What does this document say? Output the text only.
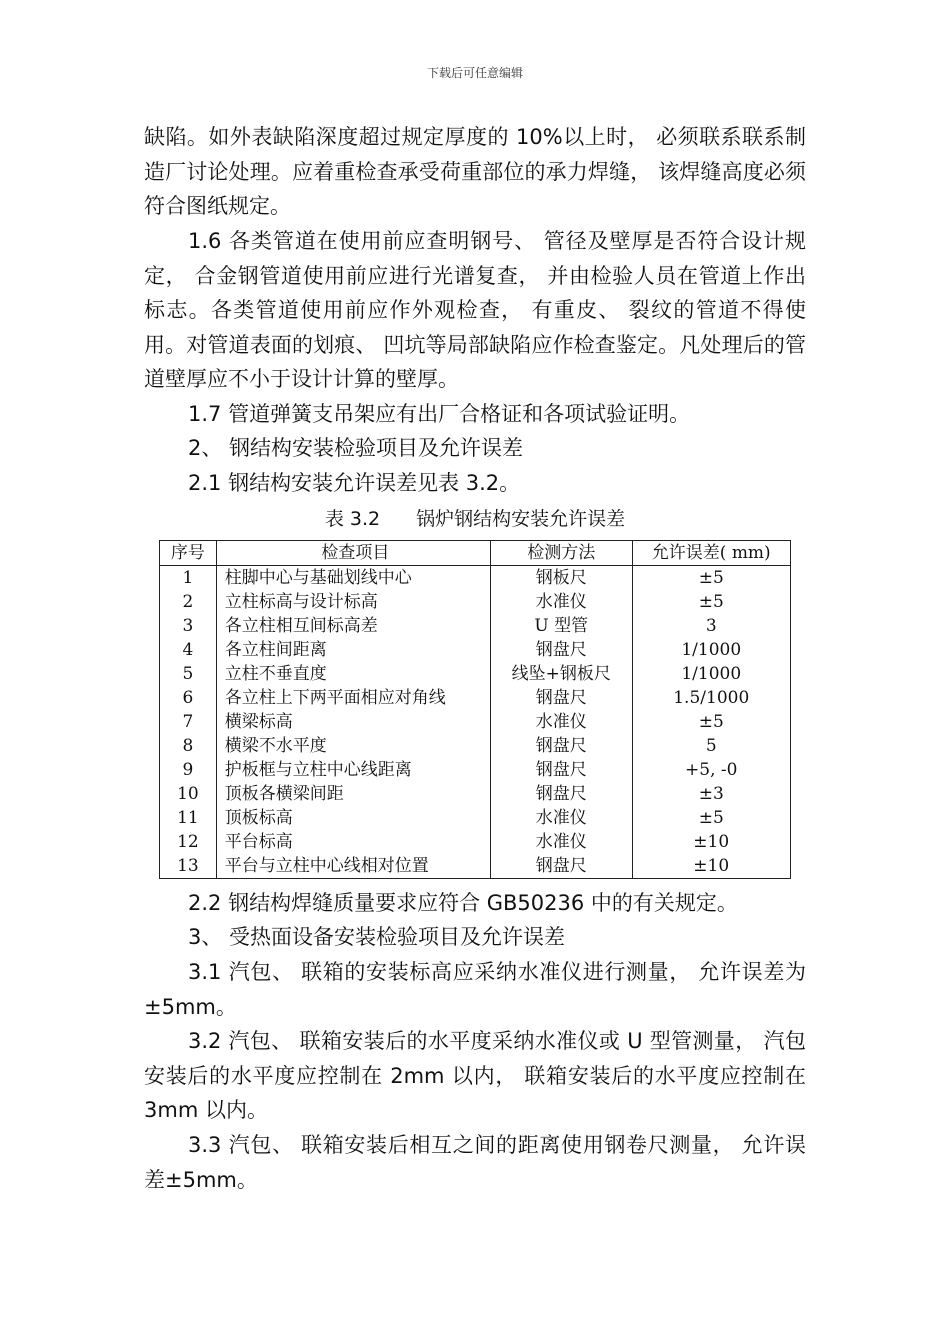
下载后可任意编辑

缺陷。如外表缺陷深度超过规定厚度的 10%以上时， 必须联系联系制造厂讨论处理。应着重检查承受荷重部位的承力焊缝， 该焊缝高度必须符合图纸规定。

1.6 各类管道在使用前应查明钢号、 管径及壁厚是否符合设计规定， 合金钢管道使用前应进行光谱复查， 并由检验人员在管道上作出标志。各类管道使用前应作外观检查， 有重皮、 裂纹的管道不得使用。对管道表面的划痕、 凹坑等局部缺陷应作检查鉴定。凡处理后的管道壁厚应不小于设计计算的壁厚。

1.7 管道弹簧支吊架应有出厂合格证和各项试验证明。

2、 钢结构安装检验项目及允许误差

2.1 钢结构安装允许误差见表 3.2。

表 3.2 锅炉钢结构安装允许误差
序号	检查项目	检测方法	允许误差( mm)
1	柱脚中心与基础划线中心	钢板尺	±5
2	立柱标高与设计标高	水准仪	±5
3	各立柱相互间标高差	U 型管	3
4	各立柱间距离	钢盘尺	1/1000
5	立柱不垂直度	线坠+钢板尺	1/1000
6	各立柱上下两平面相应对角线	钢盘尺	1.5/1000
7	横梁标高	水准仪	±5
8	横梁不水平度	钢盘尺	5
9	护板框与立柱中心线距离	钢盘尺	+5, -0
10	顶板各横梁间距	钢盘尺	±3
11	顶板标高	水准仪	±5
12	平台标高	水准仪	±10
13	平台与立柱中心线相对位置	钢盘尺	±10

2.2 钢结构焊缝质量要求应符合 GB50236 中的有关规定。

3、 受热面设备安装检验项目及允许误差

3.1 汽包、 联箱的安装标高应采纳水准仪进行测量， 允许误差为±5mm。

3.2 汽包、 联箱安装后的水平度采纳水准仪或 U 型管测量， 汽包安装后的水平度应控制在 2mm 以内， 联箱安装后的水平度应控制在 3mm 以内。

3.3 汽包、 联箱安装后相互之间的距离使用钢卷尺测量， 允许误差±5mm。
